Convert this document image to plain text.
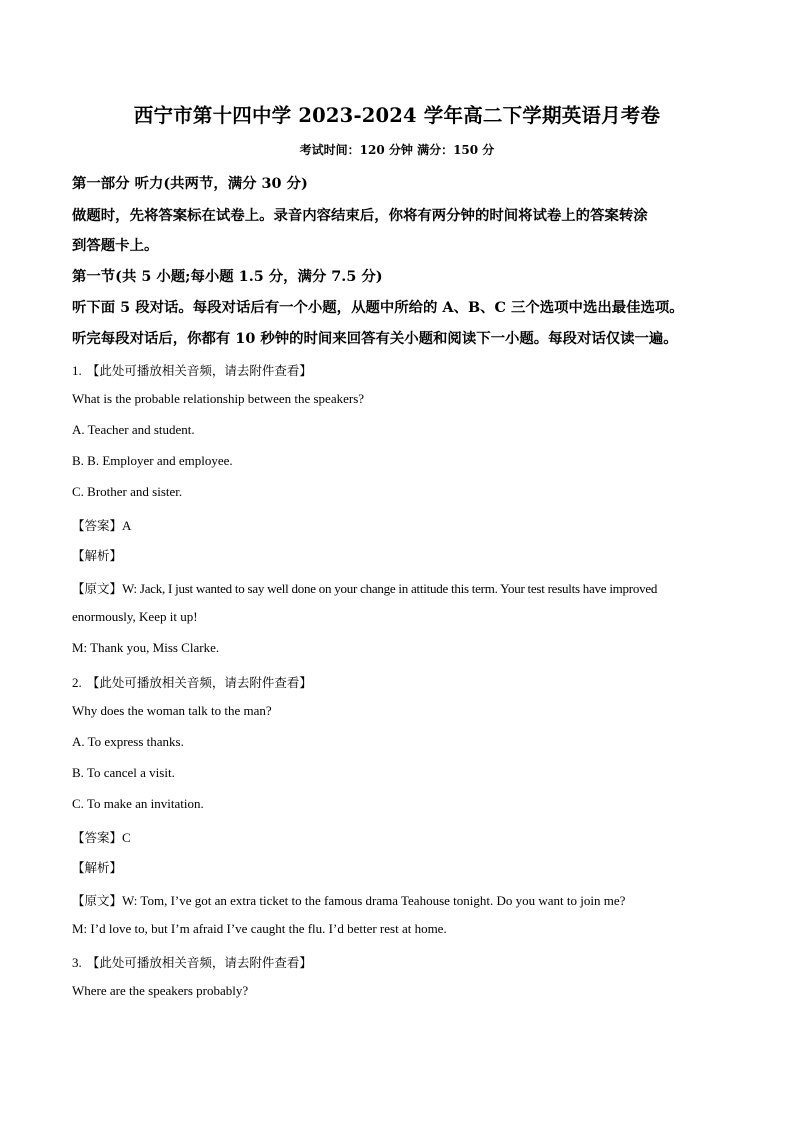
西宁市第十四中学 2023-2024 学年高二下学期英语月考卷
考试时间：120 分钟 满分：150 分
第一部分 听力(共两节，满分 30 分)
做题时，先将答案标在试卷上。录音内容结束后，你将有两分钟的时间将试卷上的答案转涂
到答题卡上。
第一节(共 5 小题;每小题 1.5 分，满分 7.5 分)
听下面 5 段对话。每段对话后有一个小题，从题中所给的 A、B、C 三个选项中选出最佳选项。
听完每段对话后，你都有 10 秒钟的时间来回答有关小题和阅读下一小题。每段对话仅读一遍。
1. 【此处可播放相关音频，请去附件查看】
What is the probable relationship between the speakers?
A. Teacher and student.
B. B. Employer and employee.
C. Brother and sister.
【答案】A
【解析】
【原文】W: Jack, I just wanted to say well done on your change in attitude this term. Your test results have improved
enormously, Keep it up!
M: Thank you, Miss Clarke.
2. 【此处可播放相关音频，请去附件查看】
Why does the woman talk to the man?
A. To express thanks.
B. To cancel a visit.
C. To make an invitation.
【答案】C
【解析】
【原文】W: Tom, I’ve got an extra ticket to the famous drama Teahouse tonight. Do you want to join me?
M: I’d love to, but I’m afraid I’ve caught the flu. I’d better rest at home.
3. 【此处可播放相关音频，请去附件查看】
Where are the speakers probably?
